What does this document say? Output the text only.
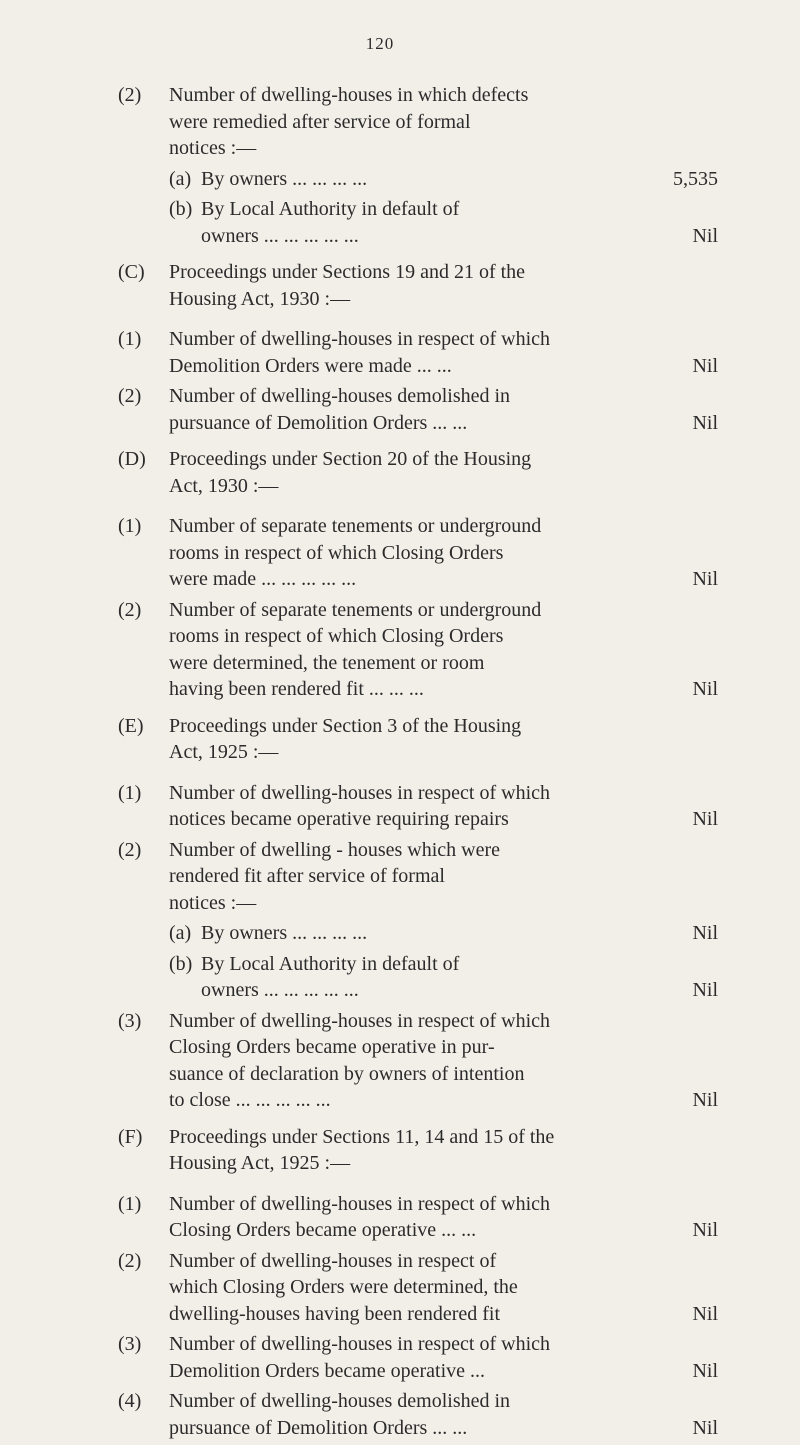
120
(2) Number of dwelling-houses in which defects
were remedied after service of formal
notices :—
(a) By owners ... ... ... ...	5,535
(b) By Local Authority in default of
owners ... ... ... ... ...	Nil
(C) Proceedings under Sections 19 and 21 of the
Housing Act, 1930 :—
(1) Number of dwelling-houses in respect of which
Demolition Orders were made ... ...	Nil
(2) Number of dwelling-houses demolished in
pursuance of Demolition Orders ... ...	Nil
(D) Proceedings under Section 20 of the Housing
Act, 1930 :—
(1) Number of separate tenements or underground
rooms in respect of which Closing Orders
were made ... ... ... ... ...	Nil
(2) Number of separate tenements or underground
rooms in respect of which Closing Orders
were determined, the tenement or room
having been rendered fit ... ... ...	Nil
(E) Proceedings under Section 3 of the Housing
Act, 1925 :—
(1) Number of dwelling-houses in respect of which
notices became operative requiring repairs	Nil
(2) Number of dwelling - houses which were
rendered fit after service of formal
notices :—
(a) By owners ... ... ... ...	Nil
(b) By Local Authority in default of
owners ... ... ... ... ...	Nil
(3) Number of dwelling-houses in respect of which
Closing Orders became operative in pur-
suance of declaration by owners of intention
to close ... ... ... ... ...	Nil
(F) Proceedings under Sections 11, 14 and 15 of the
Housing Act, 1925 :—
(1) Number of dwelling-houses in respect of which
Closing Orders became operative ... ...	Nil
(2) Number of dwelling-houses in respect of
which Closing Orders were determined, the
dwelling-houses having been rendered fit	Nil
(3) Number of dwelling-houses in respect of which
Demolition Orders became operative ...	Nil
(4) Number of dwelling-houses demolished in
pursuance of Demolition Orders ... ...	Nil
